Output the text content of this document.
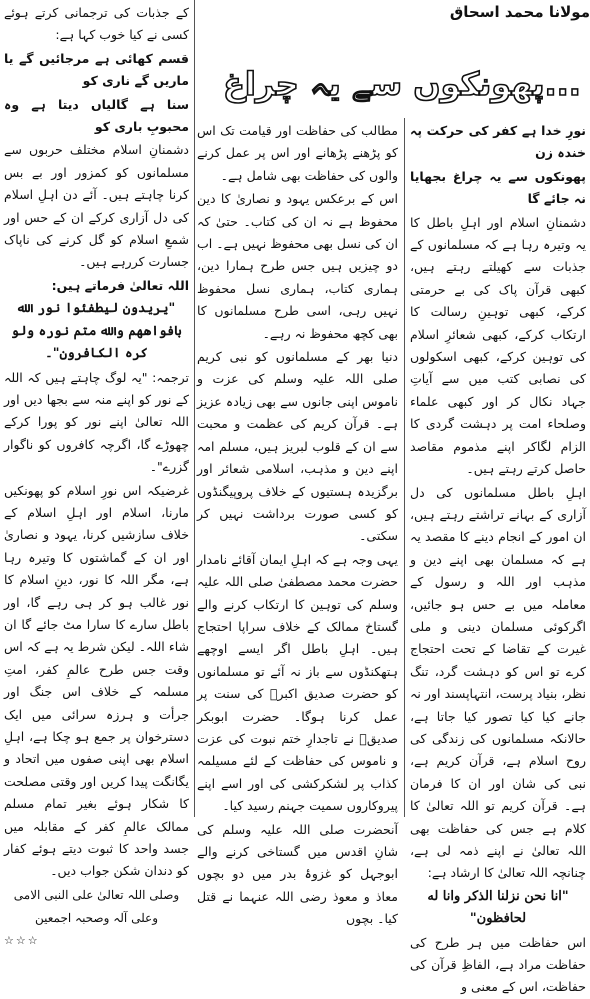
مولانا محمد اسحاق
پھونکوں سے یہ چراغ...

نورِ خدا ہے کفر کی حرکت پہ خندہ زن

پھونکوں سے یہ چراغ بجھایا نہ جائے گا

دشمنانِ اسلام اور اہلِ باطل کا یہ وتیرہ رہا ہے کہ مسلمانوں کے جذبات سے کھیلتے رہتے ہیں، کبھی قرآن پاک کی بے حرمتی کرکے، کبھی توہینِ رسالت کا ارتکاب کرکے، کبھی شعائرِ اسلام کی توہین کرکے، کبھی اسکولوں کی نصابی کتب میں سے آیاتِ جہاد نکال کر اور کبھی علماء وصلحاء امت پر دہشت گردی کا الزام لگاکر اپنے مذموم مقاصد حاصل کرتے رہتے ہیں۔

اہلِ باطل مسلمانوں کی دل آزاری کے بہانے تراشتے رہتے ہیں، ان امور کے انجام دینے کا مقصد یہ ہے کہ مسلمان بھی اپنے دین و مذہب اور اللہ و رسول کے معاملہ میں بے حس ہو جائیں، اگرکوئی مسلمان دینی و ملی غیرت کے تقاضا کے تحت احتجاج کرے تو اس کو دہشت گرد، تنگ نظر، بنیاد پرست، انتہاپسند اور نہ جانے کیا کیا تصور کیا جاتا ہے، حالانکہ مسلمانوں کی زندگی کی روح اسلام ہے، قرآن کریم ہے، نبی کی شان اور ان کا فرمان ہے۔ قرآن کریم تو اللہ تعالیٰ کا کلام ہے جس کی حفاظت بھی اللہ تعالیٰ نے اپنے ذمہ لی ہے، چنانچہ اللہ تعالیٰ کا ارشاد ہے:

"انا نحن نزلنا الذکر وانا له لحافظون"

اس حفاظت میں ہر طرح کی حفاظت مراد ہے، الفاظِ قرآن کی حفاظت، اس کے معنی و

مطالب کی حفاظت اور قیامت تک اس کو پڑھنے پڑھانے اور اس پر عمل کرنے والوں کی حفاظت بھی شامل ہے۔

اس کے برعکس یہود و نصاریٰ کا دین محفوظ ہے نہ ان کی کتاب۔ حتیٰ کہ ان کی نسل بھی محفوظ نہیں ہے۔ اب دو چیزیں ہیں جس طرح ہمارا دین، ہماری کتاب، ہماری نسل محفوظ نہیں رہی، اسی طرح مسلمانوں کا بھی کچھ محفوظ نہ رہے۔

دنیا بھر کے مسلمانوں کو نبی کریم صلی اللہ علیہ وسلم کی عزت و ناموس اپنی جانوں سے بھی زیادہ عزیز ہے۔ قرآن کریم کی عظمت و محبت سے ان کے قلوب لبریز ہیں، مسلم امہ اپنے دین و مذہب، اسلامی شعائر اور برگزیدہ ہستیوں کے خلاف پروپیگنڈوں کو کسی صورت برداشت نہیں کر سکتی۔

یہی وجہ ہے کہ اہلِ ایمان آقائے نامدار حضرت محمد مصطفیٰ صلی اللہ علیہ وسلم کی توہین کا ارتکاب کرنے والے گستاخ ممالک کے خلاف سراپا احتجاج ہیں۔ اہلِ باطل اگر ایسے اوچھے ہتھکنڈوں سے باز نہ آئے تو مسلمانوں کو حضرت صدیق اکبرؓ کی سنت پر عمل کرنا ہوگا۔ حضرت ابوبکر صدیقؓ نے تاجدارِ ختم نبوت کی عزت و ناموس کی حفاظت کے لئے مسیلمہ کذاب پر لشکرکشی کی اور اسے اپنے پیروکاروں سمیت جہنم رسید کیا۔

آنحضرت صلی اللہ علیہ وسلم کی شانِ اقدس میں گستاخی کرنے والے ابوجہل کو غزوۂ بدر میں دو بچوں معاذ و معوذ رضی اللہ عنہما نے قتل کیا۔ بچوں

کے جذبات کی ترجمانی کرتے ہوئے کسی نے کیا خوب کہا ہے:

قسم کھائی ہے مرجائیں گے یا ماریں گے ناری کو

سنا ہے گالیاں دیتا ہے وہ محبوبِ باری کو

دشمنانِ اسلام مختلف حربوں سے مسلمانوں کو کمزور اور بے بس کرنا چاہتے ہیں۔ آئے دن اہلِ اسلام کی دل آزاری کرکے ان کے حس اور شمعِ اسلام کو گل کرنے کی ناپاک جسارت کررہے ہیں۔

اللہ تعالیٰ فرماتے ہیں:

"یریدون لیطفئوا نور الله بافواههم والله متم نوره ولو کره الکافرون"۔

ترجمہ: "یہ لوگ چاہتے ہیں کہ اللہ کے نور کو اپنے منہ سے بجھا دیں اور اللہ تعالیٰ اپنے نور کو پورا کرکے چھوڑے گا، اگرچہ کافروں کو ناگوار گزرے"۔

غرضیکہ اس نورِ اسلام کو پھونکیں مارنا، اسلام اور اہلِ اسلام کے خلاف سازشیں کرنا، یہود و نصاریٰ اور ان کے گماشتوں کا وتیرہ رہا ہے، مگر اللہ کا نور، دینِ اسلام کا نور غالب ہو کر ہی رہے گا، اور باطل سارے کا سارا مٹ جائے گا ان شاء اللہ۔ لیکن شرط یہ ہے کہ اس وقت جس طرح عالمِ کفر، امتِ مسلمہ کے خلاف اس جنگ اور جرأت و ہرزہ سرائی میں ایک دسترخوان پر جمع ہو چکا ہے، اہلِ اسلام بھی اپنی صفوں میں اتحاد و یگانگت پیدا کریں اور وقتی مصلحت کا شکار ہوئے بغیر تمام مسلم ممالک عالمِ کفر کے مقابلہ میں جسد واحد کا ثبوت دیتے ہوئے کفار کو دندان شکن جواب دیں۔

وصلی اللہ تعالیٰ علی النبی الامی

وعلی آلہ وصحبہ اجمعین

☆☆☆
